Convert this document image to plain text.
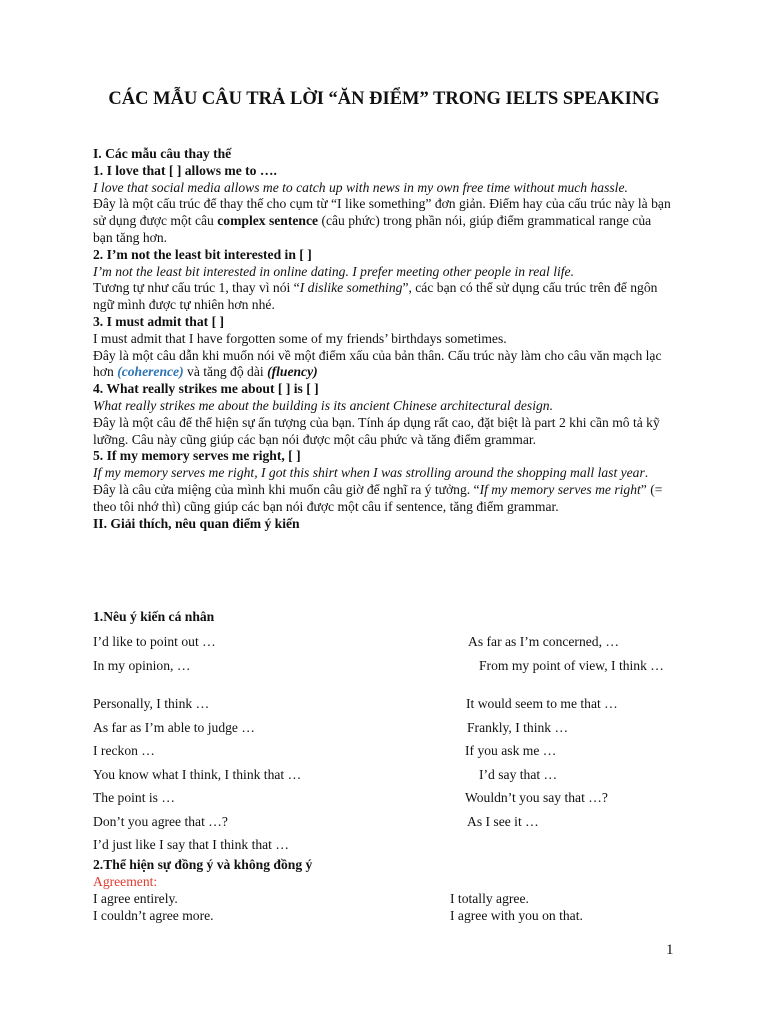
CÁC MẪU CÂU TRẢ LỜI “ĂN ĐIỂM” TRONG IELTS SPEAKING

I. Các mẫu câu thay thế

1. I love that [ ] allows me to ….

I love that social media allows me to catch up with news in my own free time without much hassle.

Đây là một cấu trúc để thay thế cho cụm từ “I like something” đơn giản. Điểm hay của cấu trúc này là bạn sử dụng được một câu complex sentence (câu phức) trong phần nói, giúp điểm grammatical range của bạn tăng hơn.

2. I’m not the least bit interested in [ ]

I’m not the least bit interested in online dating. I prefer meeting other people in real life.

Tương tự như cấu trúc 1, thay vì nói “I dislike something”, các bạn có thể sử dụng cấu trúc trên để ngôn ngữ mình được tự nhiên hơn nhé.

3. I must admit that [ ]

I must admit that I have forgotten some of my friends’ birthdays sometimes.

Đây là một câu dẫn khi muốn nói về một điểm xấu của bản thân. Cấu trúc này làm cho câu văn mạch lạc hơn (coherence) và tăng độ dài (fluency)

4. What really strikes me about [ ] is [ ]

What really strikes me about the building is its ancient Chinese architectural design.

Đây là một câu để thể hiện sự ấn tượng của bạn. Tính áp dụng rất cao, đặt biệt là part 2 khi cần mô tả kỹ lưỡng. Câu này cũng giúp các bạn nói được một câu phức và tăng điểm grammar.

5. If my memory serves me right, [ ]

If my memory serves me right, I got this shirt when I was strolling around the shopping mall last year.

Đây là câu cửa miệng của mình khi muốn câu giờ để nghĩ ra ý tưởng. “If my memory serves me right” (= theo tôi nhớ thì) cũng giúp các bạn nói được một câu if sentence, tăng điểm grammar.

II. Giải thích, nêu quan điểm ý kiến

1.Nêu ý kiến cá nhân
I’d like to point out …	As far as I’m concerned, …
In my opinion, …	From my point of view, I think …
Personally, I think …	It would seem to me that …
As far as I’m able to judge …	Frankly, I think …
I reckon …	If you ask me …
You know what I think, I think that …	I’d say that …
The point is …	Wouldn’t you say that …?
Don’t you agree that …?	As I see it …
I’d just like I say that I think that …
2.Thể hiện sự đồng ý và không đồng ý
Agreement:
I agree entirely.	I totally agree.
I couldn’t agree more.	I agree with you on that.
1
